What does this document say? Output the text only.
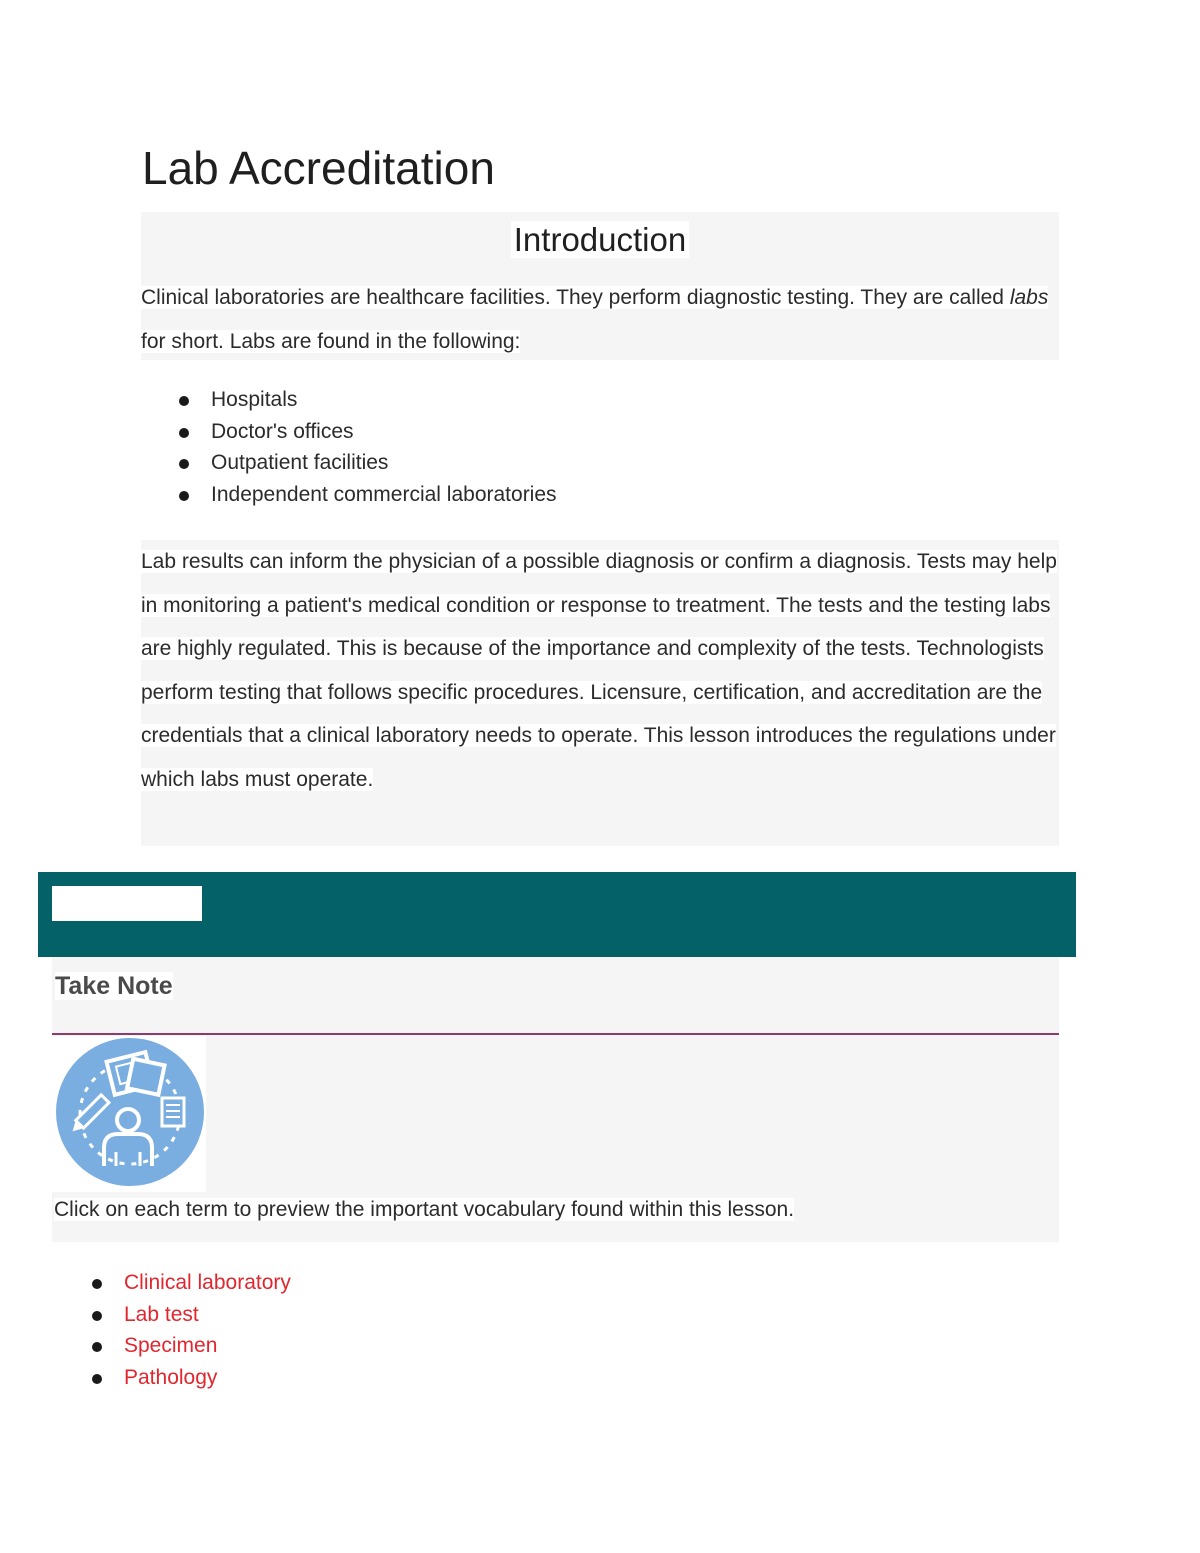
Lab Accreditation
Introduction

Clinical laboratories are healthcare facilities. They perform diagnostic testing. They are called labs for short. Labs are found in the following:

Hospitals
Doctor's offices
Outpatient facilities
Independent commercial laboratories

Lab results can inform the physician of a possible diagnosis or confirm a diagnosis. Tests may help in monitoring a patient's medical condition or response to treatment. The tests and the testing labs are highly regulated. This is because of the importance and complexity of the tests. Technologists perform testing that follows specific procedures. Licensure, certification, and accreditation are the credentials that a clinical laboratory needs to operate. This lesson introduces the regulations under which labs must operate.

Take Note

Click on each term to preview the important vocabulary found within this lesson.

Clinical laboratory
Lab test
Specimen
Pathology
